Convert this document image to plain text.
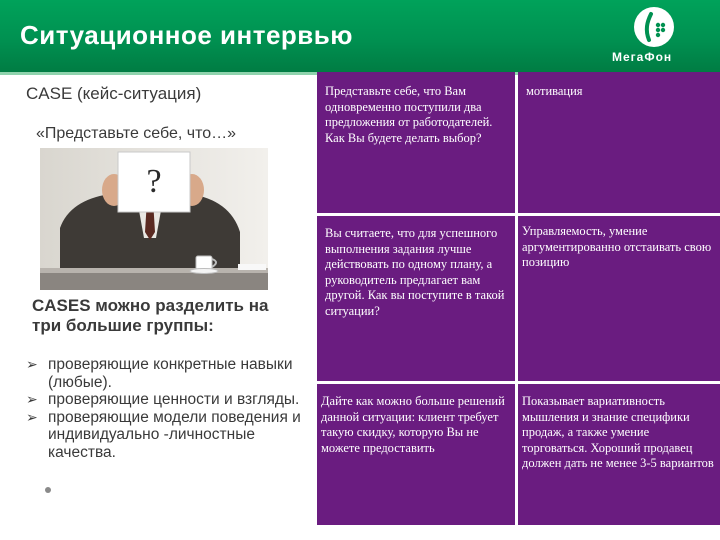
Ситуационное интервью
МегаФон
CASE (кейс-ситуация)
«Представьте себе, что…»
?
CASES можно разделить на три большие группы:
➢ проверяющие конкретные навыки (любые).
➢ проверяющие ценности и взгляды.
➢ проверяющие модели поведения и индивидуально -личностные качества.
Представьте себе, что Вам одновременно поступили два предложения от работодателей. Как Вы будете делать выбор?
мотивация
Вы считаете, что для успешного выполнения задания лучше действовать по одному плану, а руководитель предлагает вам другой. Как вы поступите в такой ситуации?
Управляемость, умение аргументированно отстаивать свою позицию
Дайте как можно больше решений данной ситуации: клиент требует такую скидку, которую Вы не можете предоставить
Показывает вариативность мышления и знание специфики продаж, а также умение торговаться. Хороший продавец должен дать не менее 3-5 вариантов
